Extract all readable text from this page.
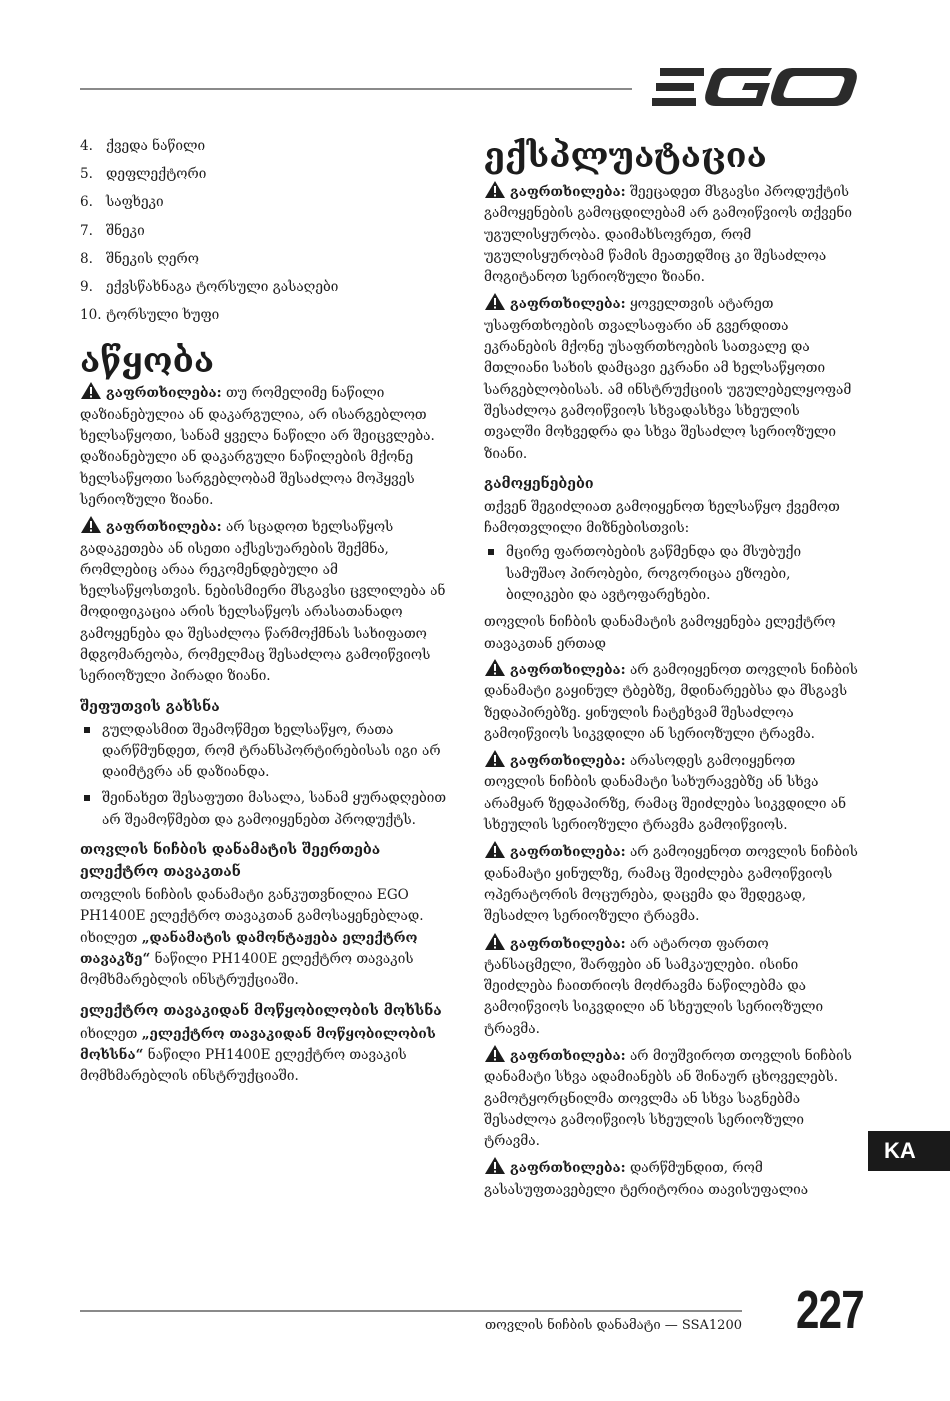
4. ქვედა ნაწილი
5. დეფლექტორი
6. საფხეკი
7. შნეკი
8. შნეკის ღერო
9. ექვსწახნაგა ტორსული გასაღები
10. ტორსული ხუფი
აწყობა

გაფრთხილება: თუ რომელიმე ნაწილი დაზიანებულია ან დაკარგულია, არ ისარგებლოთ ხელსაწყოთი, სანამ ყველა ნაწილი არ შეიცვლება. დაზიანებული ან დაკარგული ნაწილების მქონე ხელსაწყოთი სარგებლობამ შესაძლოა მოჰყვეს სერიოზული ზიანი.

გაფრთხილება: არ სცადოთ ხელსაწყოს გადაკეთება ან ისეთი აქსესუარების შექმნა, რომლებიც არაა რეკომენდებული ამ ხელსაწყოსთვის. ნებისმიერი მსგავსი ცვლილება ან მოდიფიკაცია არის ხელსაწყოს არასათანადო გამოყენება და შესაძლოა წარმოქმნას სახიფათო მდგომარეობა, რომელმაც შესაძლოა გამოიწვიოს სერიოზული პირადი ზიანი.

შეფუთვის გახსნა
გულდასმით შეამოწმეთ ხელსაწყო, რათა დარწმუნდეთ, რომ ტრანსპორტირებისას იგი არ დაიმტვრა ან დაზიანდა.
შეინახეთ შესაფუთი მასალა, სანამ ყურადღებით არ შეამოწმებთ და გამოიყენებთ პროდუქტს.
თოვლის ნიჩბის დანამატის შეერთება ელექტრო თავაკთან

თოვლის ნიჩბის დანამატი განკუთვნილია EGO PH1400E ელექტრო თავაკთან გამოსაყენებლად. იხილეთ „დანამატის დამონტაჟება ელექტრო თავაკზე“ ნაწილი PH1400E ელექტრო თავაკის მომხმარებლის ინსტრუქციაში.

ელექტრო თავაკიდან მოწყობილობის მოხსნა

იხილეთ „ელექტრო თავაკიდან მოწყობილობის მოხსნა“ ნაწილი PH1400E ელექტრო თავაკის მომხმარებლის ინსტრუქციაში.

ექსპლუატაცია

გაფრთხილება: შეეცადეთ მსგავსი პროდუქტის გამოყენების გამოცდილებამ არ გამოიწვიოს თქვენი უგულისყურობა. დაიმახსოვრეთ, რომ უგულისყურობამ წამის მეათედშიც კი შესაძლოა მოგიტანოთ სერიოზული ზიანი.

გაფრთხილება: ყოველთვის ატარეთ უსაფრთხოების თვალსაფარი ან გვერდითა ეკრანების მქონე უსაფრთხოების სათვალე და მთლიანი სახის დამცავი ეკრანი ამ ხელსაწყოთი სარგებლობისას. ამ ინსტრუქციის უგულებელყოფამ შესაძლოა გამოიწვიოს სხვადასხვა სხეულის თვალში მოხვედრა და სხვა შესაძლო სერიოზული ზიანი.

გამოყენებები

თქვენ შეგიძლიათ გამოიყენოთ ხელსაწყო ქვემოთ ჩამოთვლილი მიზნებისთვის:

მცირე ფართობების გაწმენდა და მსუბუქი სამუშაო პირობები, როგორიცაა ეზოები, ბილიკები და ავტოფარეხები.

თოვლის ნიჩბის დანამატის გამოყენება ელექტრო თავაკთან ერთად

გაფრთხილება: არ გამოიყენოთ თოვლის ნიჩბის დანამატი გაყინულ ტბებზე, მდინარეებსა და მსგავს ზედაპირებზე. ყინულის ჩატეხვამ შესაძლოა გამოიწვიოს სიკვდილი ან სერიოზული ტრავმა.

გაფრთხილება: არასოდეს გამოიყენოთ თოვლის ნიჩბის დანამატი სახურავებზე ან სხვა არამყარ ზედაპირზე, რამაც შეიძლება სიკვდილი ან სხეულის სერიოზული ტრავმა გამოიწვიოს.

გაფრთხილება: არ გამოიყენოთ თოვლის ნიჩბის დანამატი ყინულზე, რამაც შეიძლება გამოიწვიოს ოპერატორის მოცურება, დაცემა და შედეგად, შესაძლო სერიოზული ტრავმა.

გაფრთხილება: არ ატაროთ ფართო ტანსაცმელი, შარფები ან სამკაულები. ისინი შეიძლება ჩაითრიოს მოძრავმა ნაწილებმა და გამოიწვიოს სიკვდილი ან სხეულის სერიოზული ტრავმა.

გაფრთხილება: არ მიუშვიროთ თოვლის ნიჩბის დანამატი სხვა ადამიანებს ან შინაურ ცხოველებს. გამოტყორცნილმა თოვლმა ან სხვა საგნებმა შესაძლოა გამოიწვიოს სხეულის სერიოზული ტრავმა.

გაფრთხილება: დარწმუნდით, რომ გასასუფთავებელი ტერიტორია თავისუფალია

KA
თოვლის ნიჩბის დანამატი — SSA1200 227
